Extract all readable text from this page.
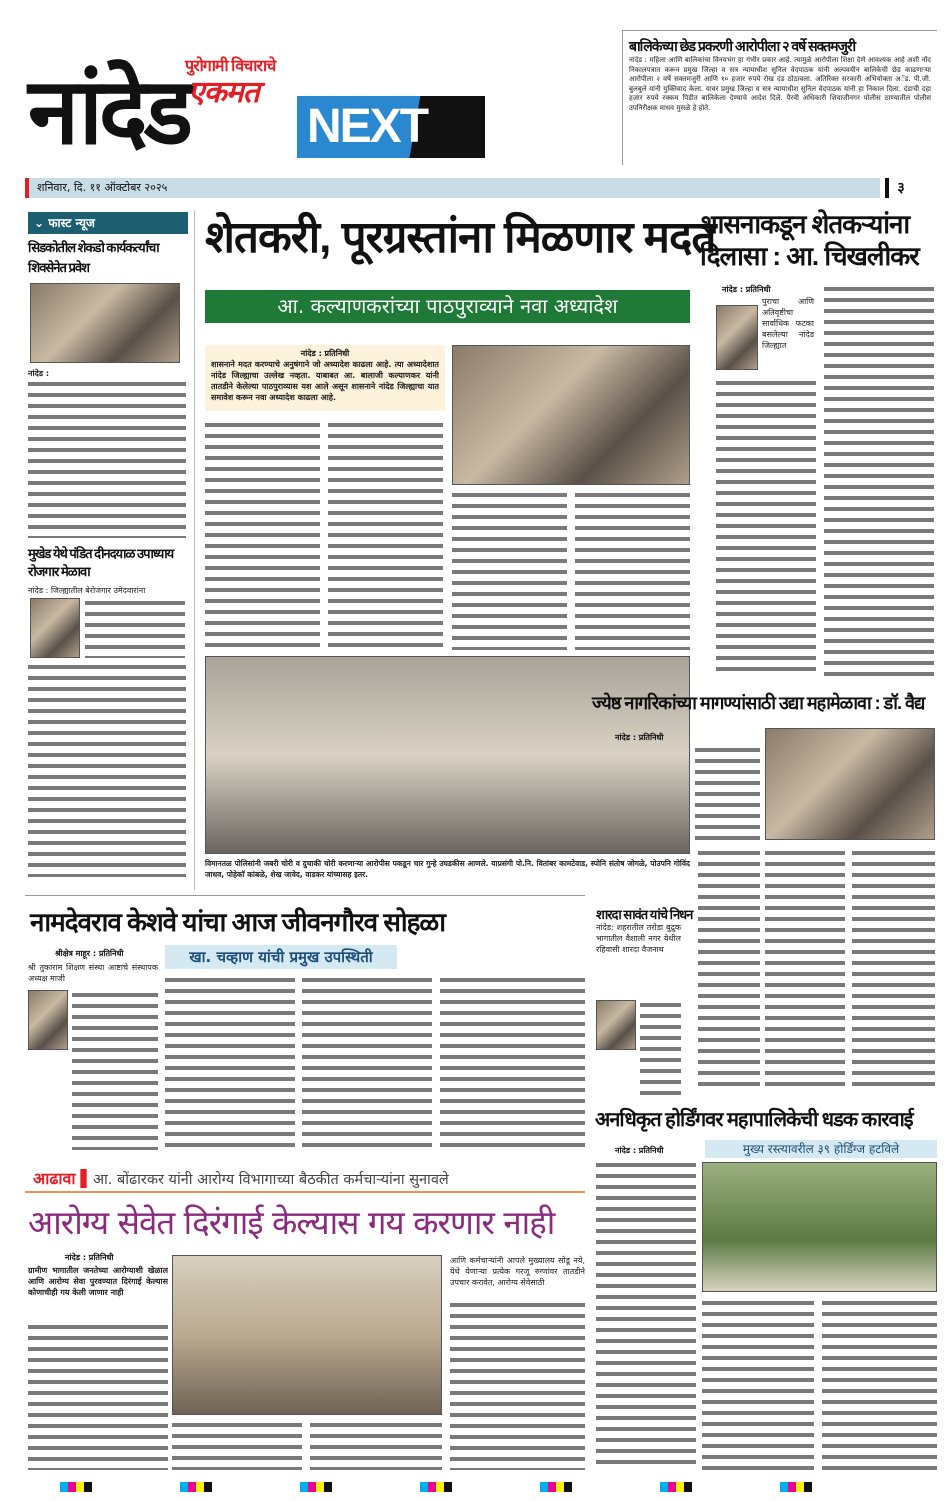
नांदेड
पुरोगामी विचाराचे
एकमत
NEXT
बालिकेच्या छेड प्रकरणी आरोपीला २ वर्षे सक्तमजुरी
नांदेड : महिला आणि बालिकांचा विनयभंग हा गंभीर प्रकार आहे. त्यामुळे आरोपीला शिक्षा देणे आवश्यक आहे अशी नोंद निकालपत्रात करून प्रमुख जिल्हा व सत्र न्यायाधीश सुनिल वेदपाठक यांनी अल्पवयीन बालिकेची छेड काढणाऱ्या आरोपीला २ वर्षे सक्तमजुरी आणि १० हजार रुपये रोख दंड ठोठावला. अतिरिक्त सरकारी अभियोक्ता अॅड. पी.जी. बुलबुले यांनी युक्तिवाद केला. यावर प्रमुख जिल्हा व सत्र न्यायाधीश सुनिल वेदपाठक यांनी हा निकाल दिला. दंडाची दहा हजार रुपये रक्कम पिडीत बालिकेला देण्याचे आदेश दिले. पैरवी अधिकारी शिवाजीनगर पोलीस ठाण्यातील पोलीस उपनिरीक्षक माधव मुसळे हे होते.
शनिवार, दि. ११ ऑक्टोबर २०२५	३
⌄ फास्ट न्यूज
सिडकोतील शेकडो कार्यकर्त्यांचा शिवसेनेत प्रवेश
नांदेड :
मुखेड येथे पंडित दीनदयाळ उपाध्याय रोजगार मेळावा
नांदेड : जिल्ह्यातील बेरोजगार उमेदवारांना
शेतकरी, पूरग्रस्तांना मिळणार मदत
आ. कल्याणकरांच्या पाठपुराव्याने नवा अध्यादेश
नांदेड : प्रतिनिधी
शासनाने मदत करण्याचे अनुषंगाने जो अध्यादेश काढला आहे. त्या अध्यादेशात नांदेड जिल्ह्याचा उल्लेख नव्हता. याबाबत आ. बालाजी कल्याणकर यांनी तातडीने केलेल्या पाठपुराव्यास यश आले असून शासनाने नांदेड जिल्ह्याचा यात समावेश करून नवा अध्यादेश काढला आहे.
विमानतळ पोलिसांनी जबरी चोरी व दुचाकी चोरी करणाऱ्या आरोपीस पकडून चार गुन्हे उघडकीस आणले. याप्रसंगी पो.नि. वितांबर कामटेवाड, स्पोनि संतोष जोगळे, पोउपनि गोविंद जाधव, पोहेकॉ कांबळे, शेख जावेद, वाडकर यांच्यासह इतर.
शासनाकडून शेतकऱ्यांना दिलासा : आ. चिखलीकर
नांदेड : प्रतिनिधी
पुराचा आणि अतिवृष्टीचा सार्वाधिक फटका बसलेल्या नांदेड जिल्ह्यात
ज्येष्ठ नागरिकांच्या मागण्यांसाठी उद्या महामेळावा : डॉ. वैद्य
नांदेड : प्रतिनिधी
नामदेवराव केशवे यांचा आज जीवनगौरव सोहळा
श्रीक्षेत्र माहूर : प्रतिनिधी	खा. चव्हाण यांची प्रमुख उपस्थिती
श्री तुकाराम शिक्षण संस्था आष्टाचे संस्थापक अध्यक्ष माजी
शारदा सावंत यांचे निधन
नांदेड: शहरातील तरोडा बुद्रुक भागातील वैशाली नगर येथील रहिवासी शारदा वैजनाथ
अनधिकृत होर्डिंगवर महापालिकेची धडक कारवाई
मुख्य रस्त्यावरील ३९ होर्डिंग्ज हटविले
नांदेड : प्रतिनिधी
आढावा ▌आ. बोंढारकर यांनी आरोग्य विभागाच्या बैठकीत कर्मचाऱ्यांना सुनावले
आरोग्य सेवेत दिरंगाई केल्यास गय करणार नाही
नांदेड : प्रतिनिधी
ग्रामीण भागातील जनतेच्या आरोग्याशी खेळाल आणि आरोग्य सेवा पुरवण्यात दिरंगाई केल्यास कोणाचीही गय केली जाणार नाही
आणि कर्मचाऱ्यांनी आपले मुख्यालय सोडू नये, येथे येणाऱ्या प्रत्येक गरजू रुग्णांवर तातडीने उपचार करावेत, आरोग्य सेवेसाठी
